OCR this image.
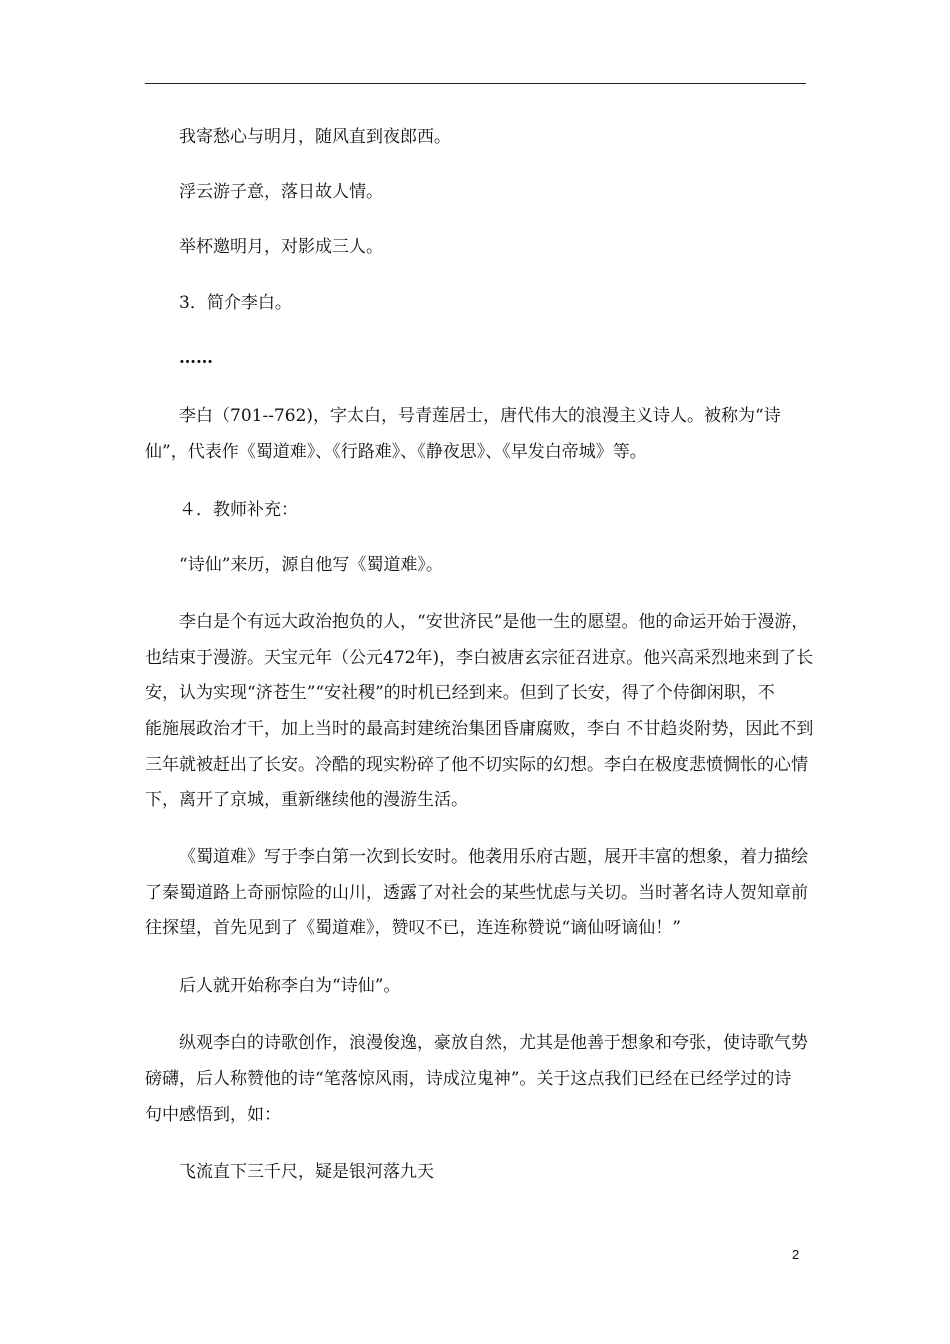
我寄愁心与明月，随风直到夜郎西。
浮云游子意，落日故人情。
举杯邀明月，对影成三人。
3．简介李白。
……
李白（701--762)，字太白，号青莲居士，唐代伟大的浪漫主义诗人。被称为“诗
仙”，代表作《蜀道难》、《行路难》、《静夜思》、《早发白帝城》等。
４．教师补充：
“诗仙”来历，源自他写《蜀道难》。
李白是个有远大政治抱负的人，“安世济民”是他一生的愿望。他的命运开始于漫游，
也结束于漫游。天宝元年（公元472年)，李白被唐玄宗征召进京。他兴高采烈地来到了长
安，认为实现“济苍生”“安社稷”的时机已经到来。但到了长安，得了个侍御闲职，不
能施展政治才干，加上当时的最高封建统治集团昏庸腐败，李白 不甘趋炎附势，因此不到
三年就被赶出了长安。冷酷的现实粉碎了他不切实际的幻想。李白在极度悲愤惆怅的心情
下，离开了京城，重新继续他的漫游生活。
《蜀道难》写于李白第一次到长安时。他袭用乐府古题，展开丰富的想象，着力描绘
了秦蜀道路上奇丽惊险的山川，透露了对社会的某些忧虑与关切。当时著名诗人贺知章前
往探望，首先见到了《蜀道难》，赞叹不已，连连称赞说“谪仙呀谪仙！”
后人就开始称李白为“诗仙”。
纵观李白的诗歌创作，浪漫俊逸，豪放自然，尤其是他善于想象和夸张，使诗歌气势
磅礴，后人称赞他的诗“笔落惊风雨，诗成泣鬼神”。关于这点我们已经在已经学过的诗
句中感悟到，如：
飞流直下三千尺，疑是银河落九天
2
